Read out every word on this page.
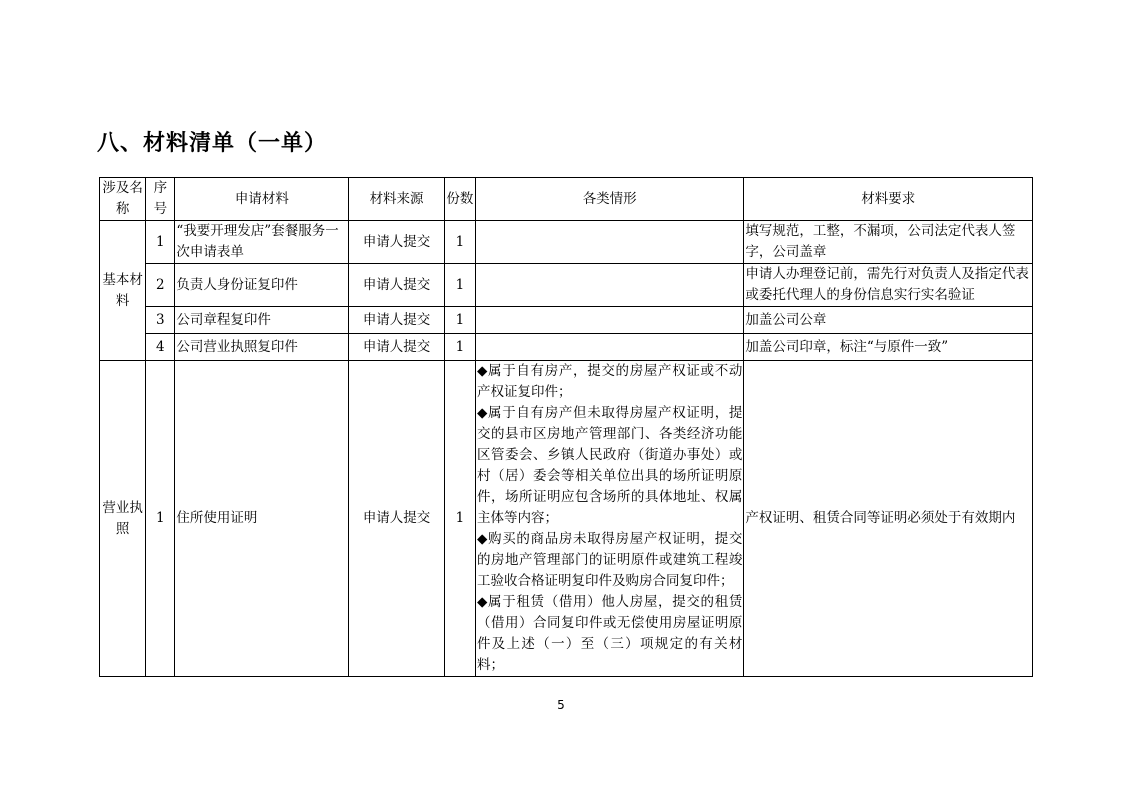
八、材料清单（一单）
涉及名称	序号	申请材料	材料来源	份数	各类情形	材料要求
基本材料	1	“我要开理发店”套餐服务一次申请表单	申请人提交	1		填写规范，工整，不漏项，公司法定代表人签字，公司盖章
	2	负责人身份证复印件	申请人提交	1		申请人办理登记前，需先行对负责人及指定代表或委托代理人的身份信息实行实名验证
	3	公司章程复印件	申请人提交	1		加盖公司公章
	4	公司营业执照复印件	申请人提交	1		加盖公司印章，标注“与原件一致”
营业执照	1	住所使用证明	申请人提交	1	◆属于自有房产，提交的房屋产权证或不动产权证复印件；
◆属于自有房产但未取得房屋产权证明，提交的县市区房地产管理部门、各类经济功能区管委会、乡镇人民政府（街道办事处）或村（居）委会等相关单位出具的场所证明原件，场所证明应包含场所的具体地址、权属主体等内容；
◆购买的商品房未取得房屋产权证明，提交的房地产管理部门的证明原件或建筑工程竣工验收合格证明复印件及购房合同复印件；
◆属于租赁（借用）他人房屋，提交的租赁（借用）合同复印件或无偿使用房屋证明原件及上述（一）至（三）项规定的有关材料；	产权证明、租赁合同等证明必须处于有效期内
5
